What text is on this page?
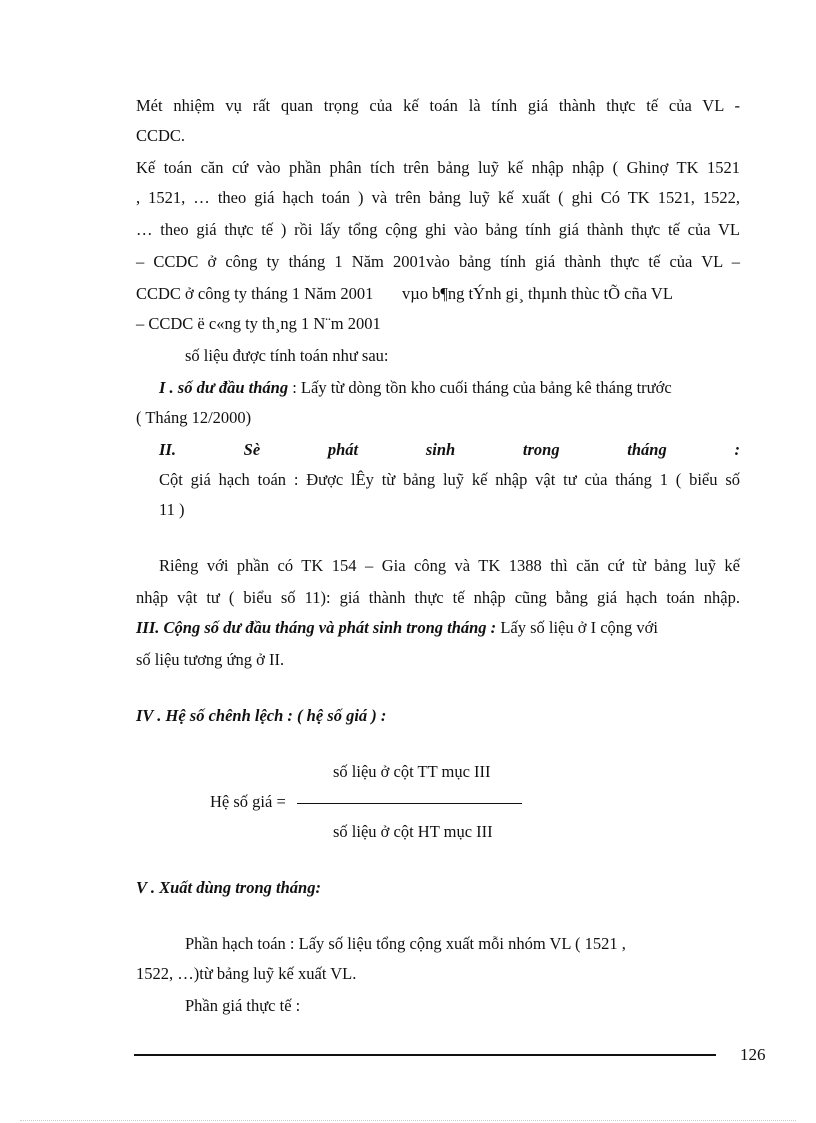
Mét nhiệm vụ rất quan trọng của kế toán là tính giá thành thực tế của VL -
CCDC.
Kế toán căn cứ vào phần phân tích trên bảng luỹ kế nhập nhập ( Ghinợ TK 1521
, 1521, … theo giá hạch toán ) và trên bảng luỹ kế xuất ( ghi Có TK 1521, 1522,
… theo giá thực tế ) rồi lấy tổng cộng ghi vào bảng tính giá thành thực tế của VL
– CCDC ở công ty tháng 1 Năm 2001vào bảng tính giá thành thực tế của VL –
CCDC ở công ty tháng 1 Năm 2001 vµo b¶ng tÝnh gi¸ thµnh thùc tÕ cña VL
– CCDC ë c«ng ty th¸ng 1 N¨m 2001
số liệu được tính toán như sau:
I . số dư đầu tháng : Lấy từ dòng tồn kho cuối tháng của bảng kê tháng trước
( Tháng 12/2000)
II.	Sè	phát	sinh	trong	tháng	:
Cột giá hạch toán : Được lÊy từ bảng luỹ kế nhập vật tư của tháng 1 ( biểu số
11 )
Riêng với phần có TK 154 – Gia công và TK 1388 thì căn cứ từ bảng luỹ kế
nhập vật tư ( biểu số 11): giá thành thực tế nhập cũng bằng giá hạch toán nhập.
III. Cộng số dư đầu tháng và phát sinh trong tháng : Lấy số liệu ở I cộng với
số liệu tương ứng ở II.
IV . Hệ số chênh lệch : ( hệ số giá ) :
số liệu ở cột TT mục III
Hệ số giá =
số liệu ở cột HT mục III
V . Xuất dùng trong tháng:
Phần hạch toán : Lấy số liệu tổng cộng xuất mỗi nhóm VL ( 1521 ,
1522, …)từ bảng luỹ kế xuất VL.
Phần giá thực tế :
126
